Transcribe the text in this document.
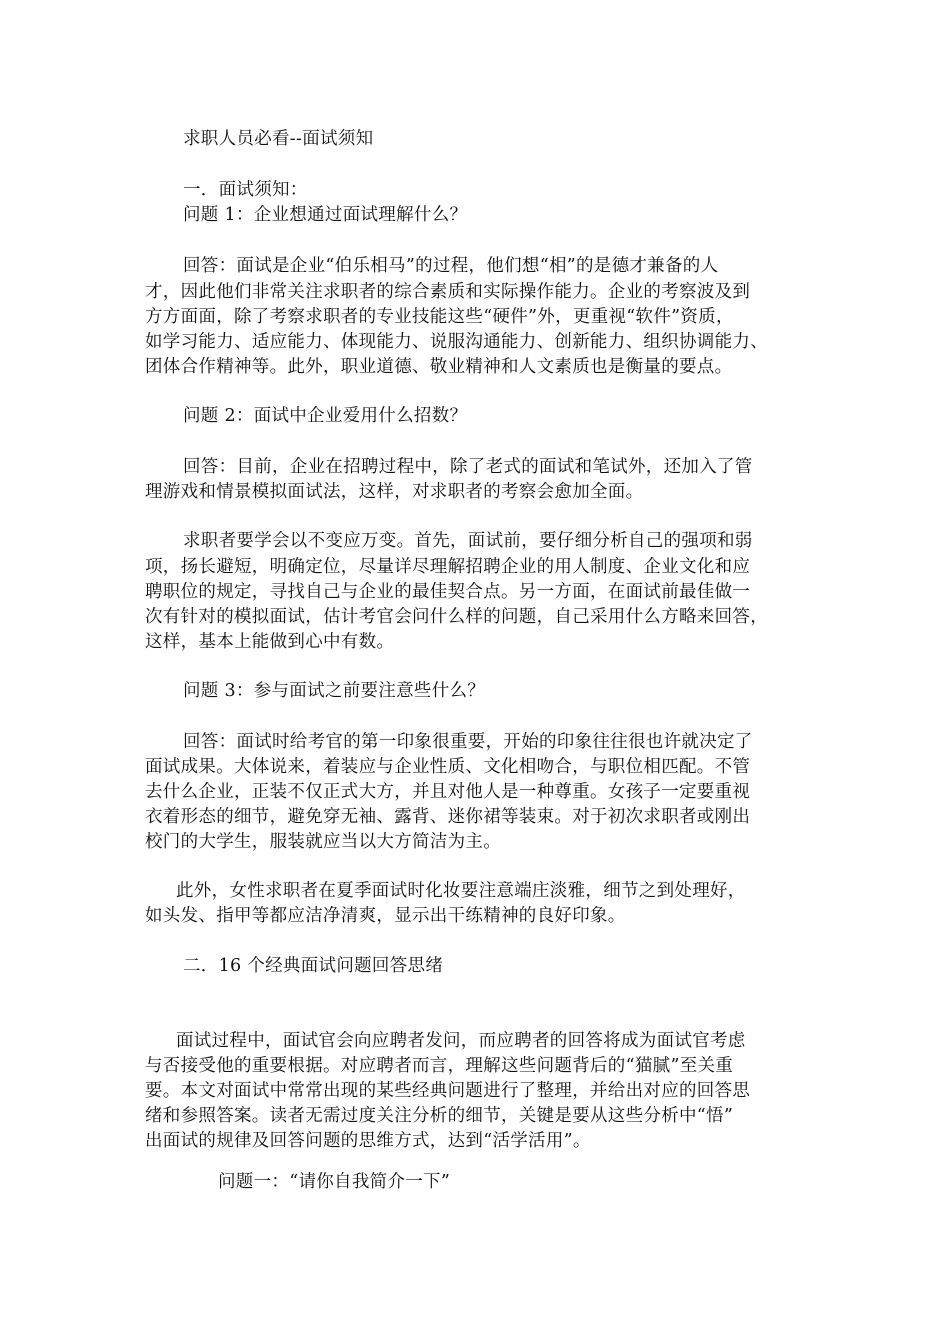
求职人员必看--面试须知
一．面试须知：
问题 1：企业想通过面试理解什么？
回答：面试是企业“伯乐相马”的过程，他们想“相”的是德才兼备的人
才，因此他们非常关注求职者的综合素质和实际操作能力。企业的考察波及到
方方面面，除了考察求职者的专业技能这些“硬件”外，更重视“软件”资质，
如学习能力、适应能力、体现能力、说服沟通能力、创新能力、组织协调能力、
团体合作精神等。此外，职业道德、敬业精神和人文素质也是衡量的要点。
问题 2：面试中企业爱用什么招数？
回答：目前，企业在招聘过程中，除了老式的面试和笔试外，还加入了管
理游戏和情景模拟面试法，这样，对求职者的考察会愈加全面。
求职者要学会以不变应万变。首先，面试前，要仔细分析自己的强项和弱
项，扬长避短，明确定位，尽量详尽理解招聘企业的用人制度、企业文化和应
聘职位的规定，寻找自己与企业的最佳契合点。另一方面，在面试前最佳做一
次有针对的模拟面试，估计考官会问什么样的问题，自己采用什么方略来回答，
这样，基本上能做到心中有数。
问题 3：参与面试之前要注意些什么？
回答：面试时给考官的第一印象很重要，开始的印象往往很也许就决定了
面试成果。大体说来，着装应与企业性质、文化相吻合，与职位相匹配。不管
去什么企业，正装不仅正式大方，并且对他人是一种尊重。女孩子一定要重视
衣着形态的细节，避免穿无袖、露背、迷你裙等装束。对于初次求职者或刚出
校门的大学生，服装就应当以大方简洁为主。
此外，女性求职者在夏季面试时化妆要注意端庄淡雅，细节之到处理好，
如头发、指甲等都应洁净清爽，显示出干练精神的良好印象。
二．16 个经典面试问题回答思绪
面试过程中，面试官会向应聘者发问，而应聘者的回答将成为面试官考虑
与否接受他的重要根据。对应聘者而言，理解这些问题背后的“猫腻”至关重
要。本文对面试中常常出现的某些经典问题进行了整理，并给出对应的回答思
绪和参照答案。读者无需过度关注分析的细节，关键是要从这些分析中“悟”
出面试的规律及回答问题的思维方式，达到“活学活用”。
问题一：“请你自我简介一下”
